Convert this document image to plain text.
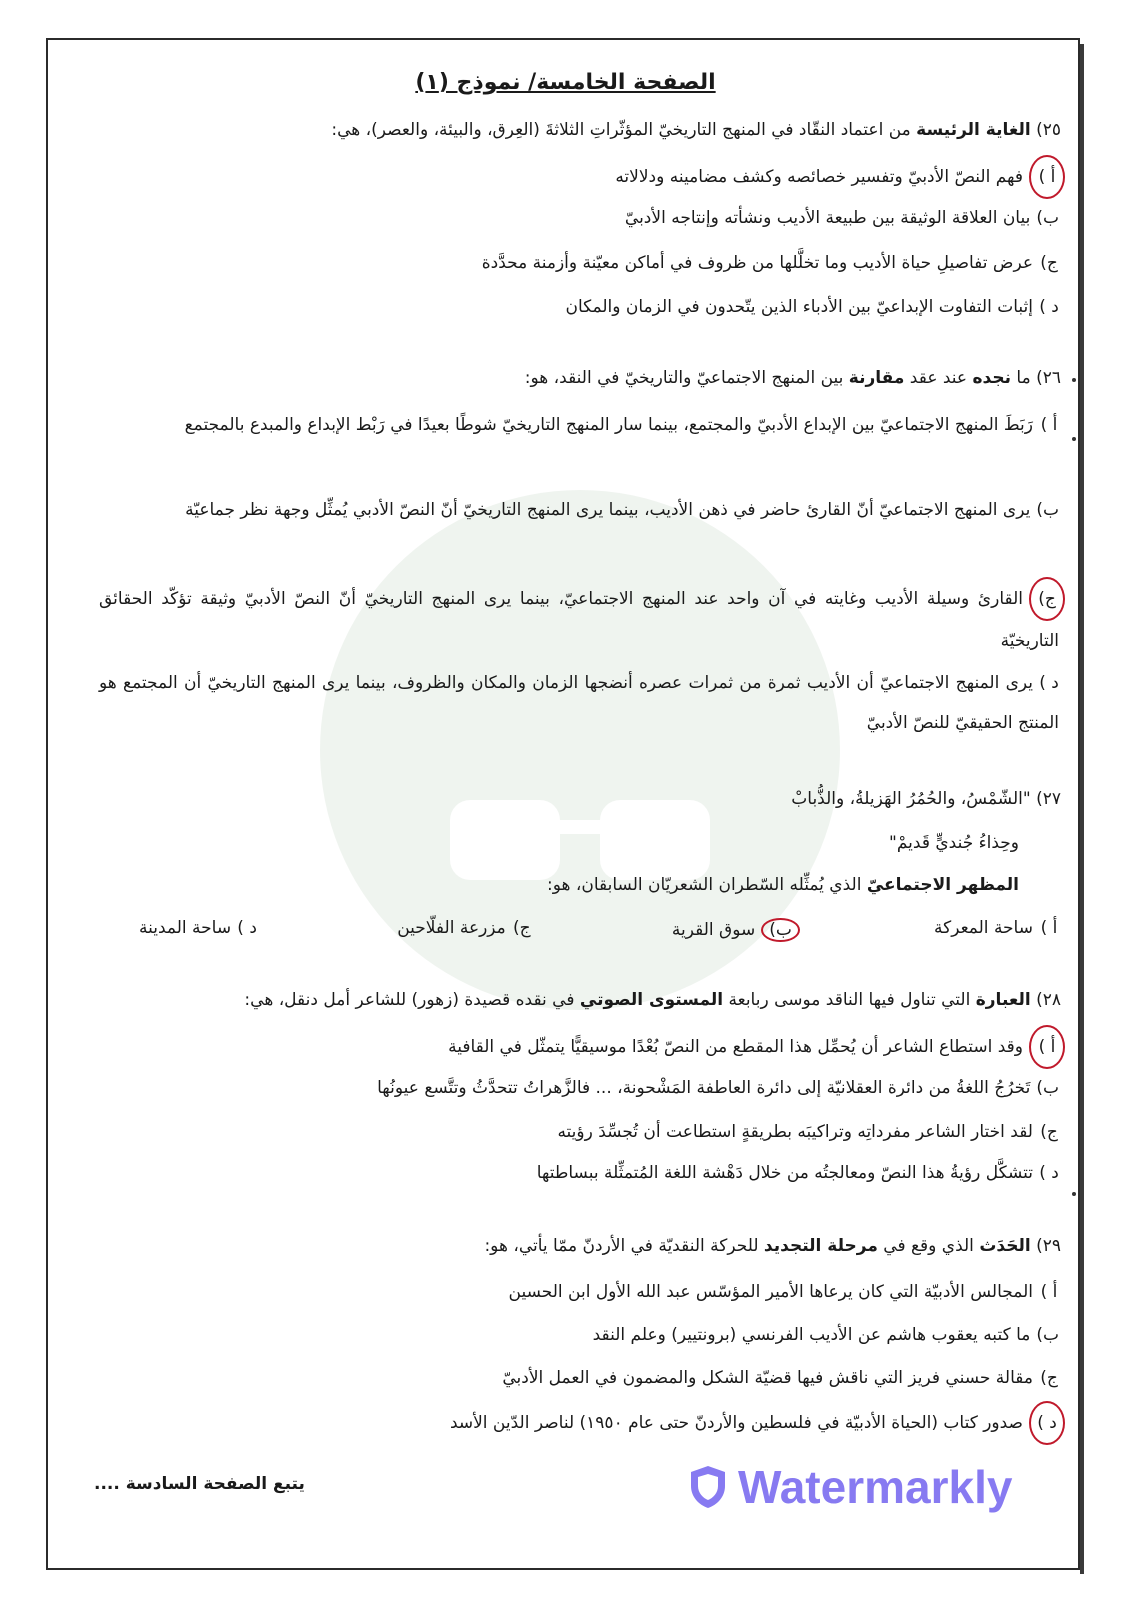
الصفحة الخامسة/ نموذج (١)
٢٥) الغاية الرئيسة من اعتماد النقّاد في المنهج التاريخيّ المؤثّراتِ الثلاثةَ (العِرق، والبيئة، والعصر)، هي:
أ )فهم النصّ الأدبيّ وتفسير خصائصه وكشف مضامينه ودلالاته
ب)بيان العلاقة الوثيقة بين طبيعة الأديب ونشأته وإنتاجه الأدبيّ
ج)عرض تفاصيلِ حياة الأديب وما تخلَّلها من ظروف في أماكن معيّنة وأزمنة محدَّدة
د )إثبات التفاوت الإبداعيّ بين الأدباء الذين يتّحدون في الزمان والمكان
٢٦) ما نجده عند عقد مقارنة بين المنهج الاجتماعيّ والتاريخيّ في النقد، هو:
أ )رَبَطَ المنهج الاجتماعيّ بين الإبداع الأدبيّ والمجتمع، بينما سار المنهج التاريخيّ شوطًا بعيدًا في رَبْط الإبداع والمبدع بالمجتمع
ب)يرى المنهج الاجتماعيّ أنّ القارئ حاضر في ذهن الأديب، بينما يرى المنهج التاريخيّ أنّ النصّ الأدبي يُمثِّل وجهة نظر جماعيّة
ج)القارئ وسيلة الأديب وغايته في آن واحد عند المنهج الاجتماعيّ، بينما يرى المنهج التاريخيّ أنّ النصّ الأدبيّ وثيقة تؤكّد الحقائق التاريخيّة
د )يرى المنهج الاجتماعيّ أن الأديب ثمرة من ثمرات عصره أنضجها الزمان والمكان والظروف، بينما يرى المنهج التاريخيّ أن المجتمع هو المنتج الحقيقيّ للنصّ الأدبيّ
٢٧) "الشّمْسُ، والحُمُرُ الهَزيلةُ، والذُّبابْ
وحِذاءُ جُنديٍّ قَديمْ"
المظهر الاجتماعيّ الذي يُمثِّله السّطران الشعريّان السابقان، هو:
أ )ساحة المعركة
ب)سوق القرية
ج)مزرعة الفلّاحين
د )ساحة المدينة
٢٨) العبارة التي تناول فيها الناقد موسى ربابعة المستوى الصوتي في نقده قصيدة (زهور) للشاعر أمل دنقل، هي:
أ )وقد استطاع الشاعر أن يُحمِّل هذا المقطع من النصّ بُعْدًا موسيقيًّا يتمثّل في القافية
ب)تَخرُجُ اللغةُ من دائرة العقلانيّة إلى دائرة العاطفة المَشْحونة، ... فالزَّهراتُ تتحدَّثُ وتتَّسع عيونُها
ج)لقد اختار الشاعر مفرداتِه وتراكيبَه بطريقةٍ استطاعت أن تُجسِّدَ رؤيته
د )تتشكَّل رؤيةُ هذا النصّ ومعالجتُه من خلال دَهْشة اللغة المُتمثِّلة ببساطتها
٢٩) الحَدَث الذي وقع في مرحلة التجديد للحركة النقديّة في الأردنّ ممّا يأتي، هو:
أ )المجالس الأدبيّة التي كان يرعاها الأمير المؤسّس عبد الله الأول ابن الحسين
ب)ما كتبه يعقوب هاشم عن الأديب الفرنسي (برونتيير) وعلم النقد
ج)مقالة حسني فريز التي ناقش فيها قضيّة الشكل والمضمون في العمل الأدبيّ
د )صدور كتاب (الحياة الأدبيّة في فلسطين والأردنّ حتى عام ١٩٥٠) لناصر الدّين الأسد
يتبع الصفحة السادسة ....	Watermarkly
